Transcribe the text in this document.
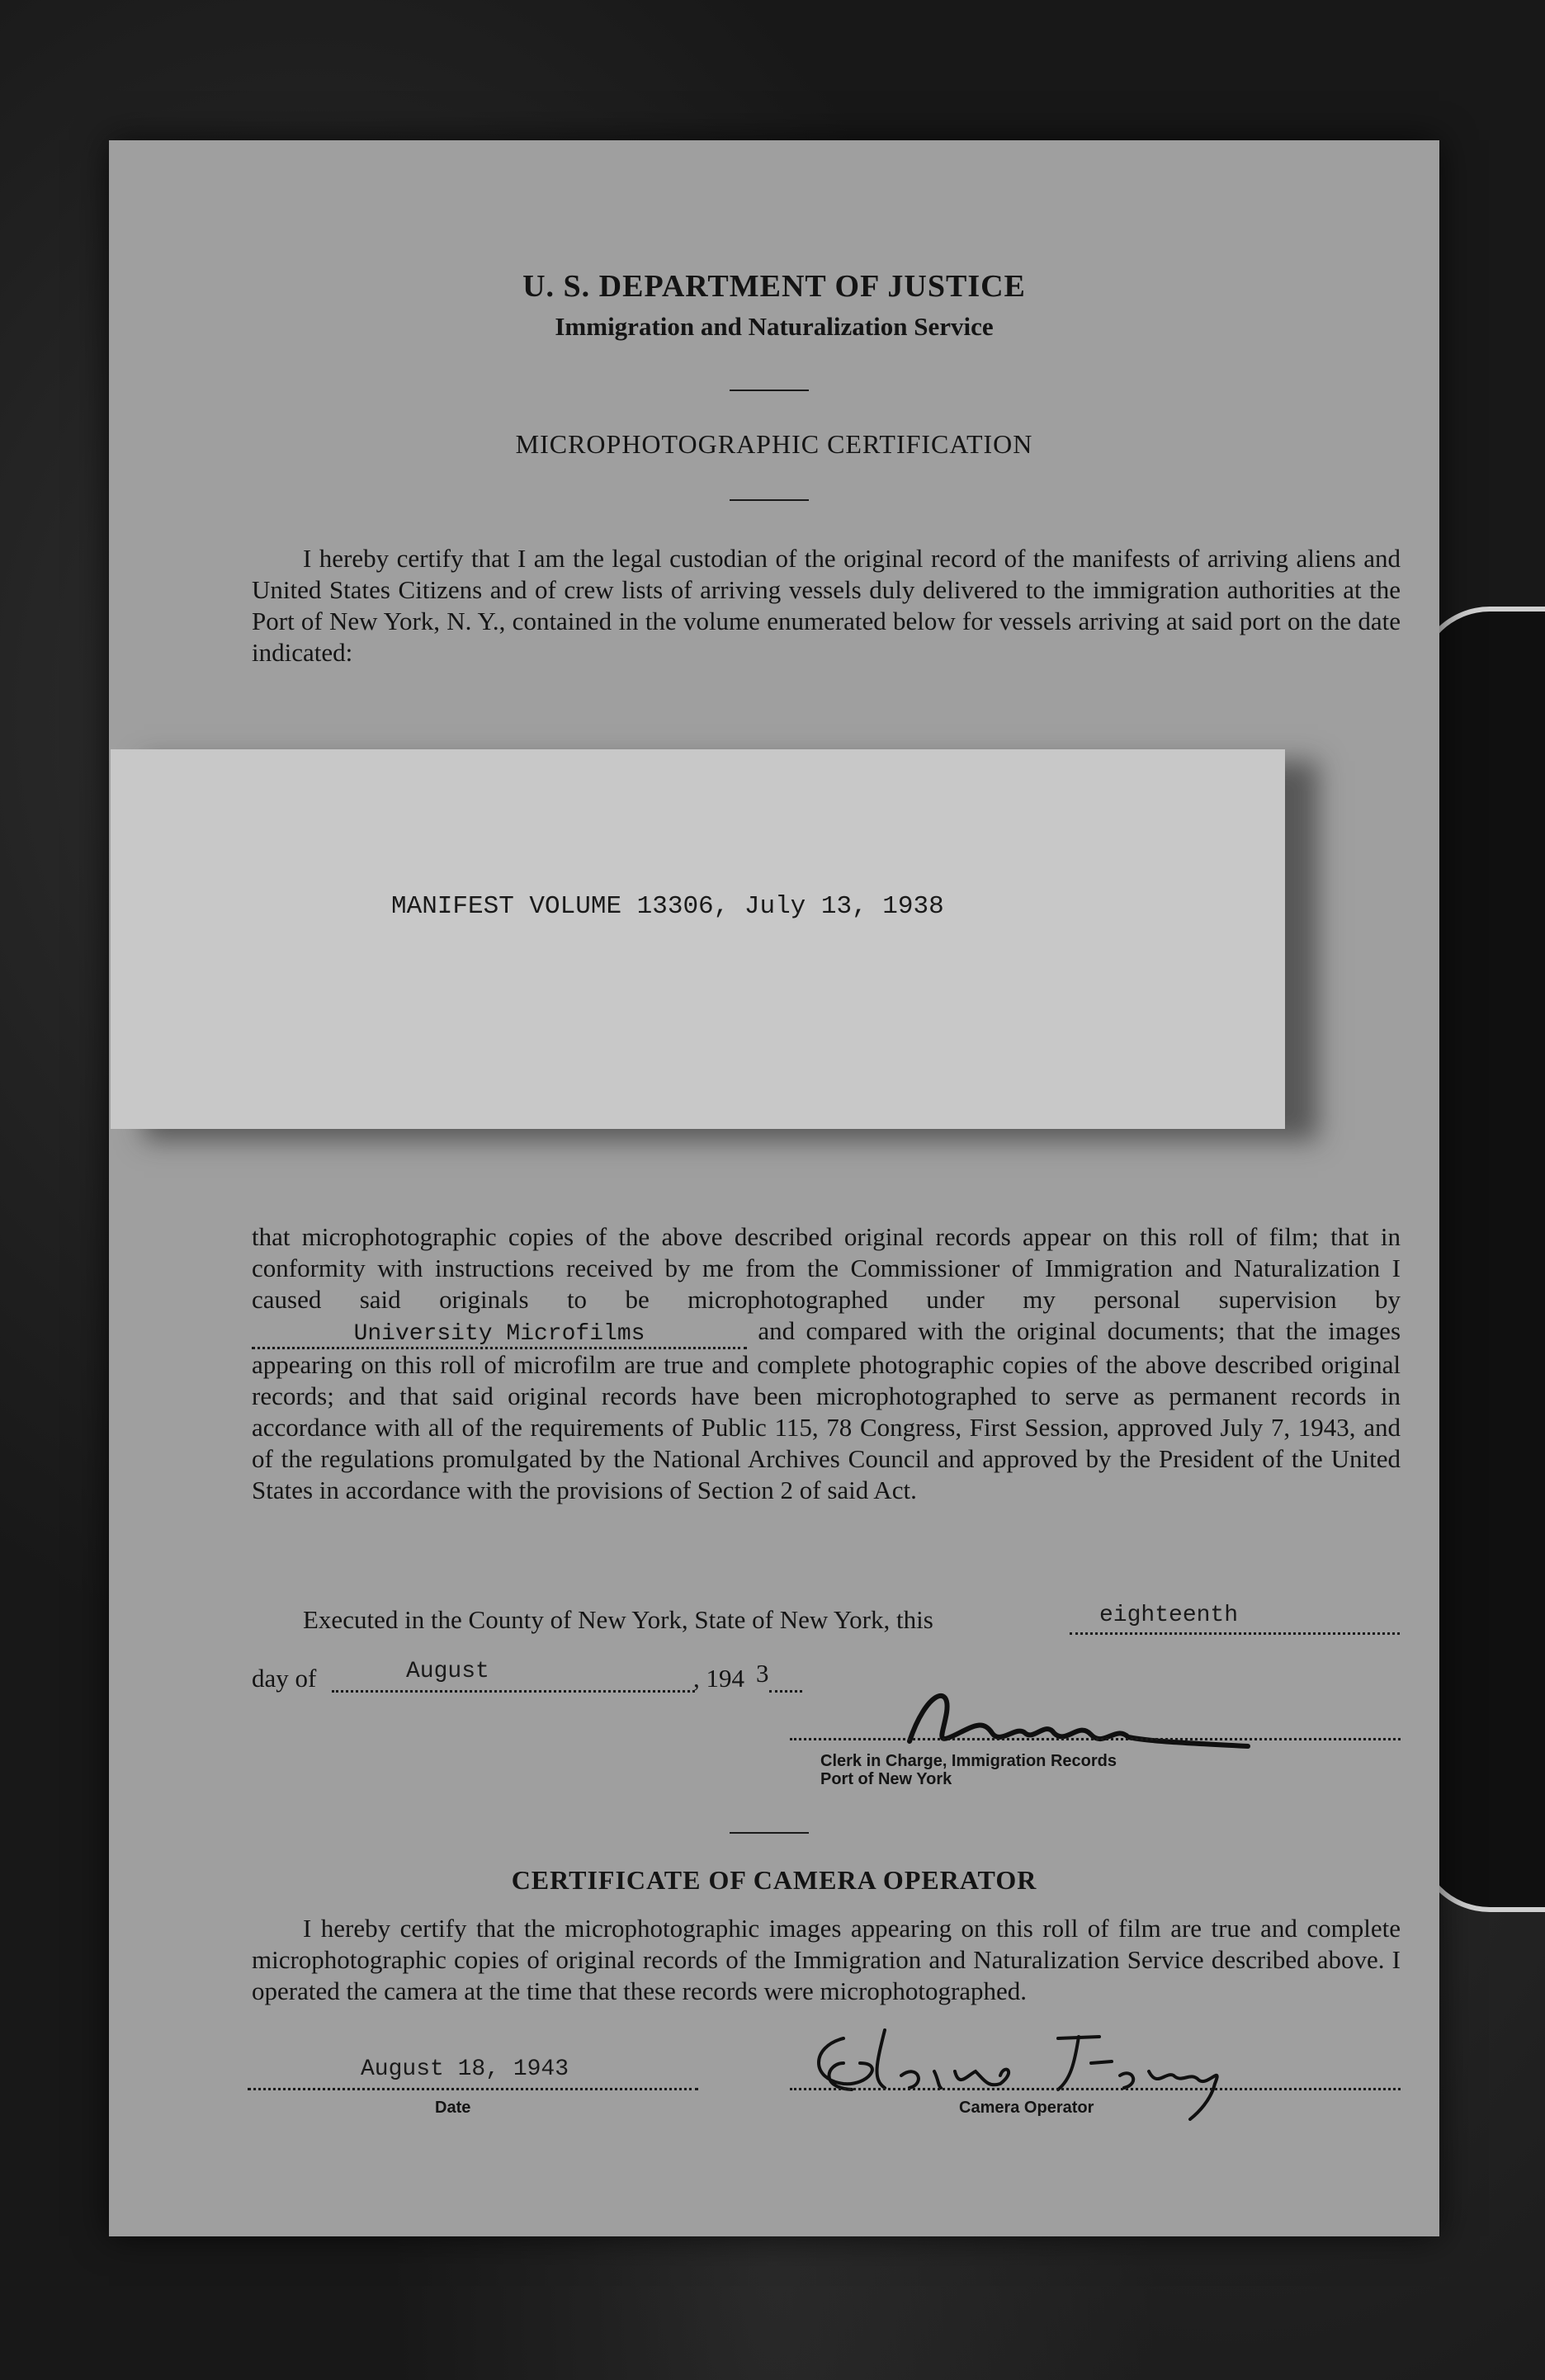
U. S. DEPARTMENT OF JUSTICE
Immigration and Naturalization Service
MICROPHOTOGRAPHIC CERTIFICATION
I hereby certify that I am the legal custodian of the original record of the manifests of arriving aliens and United States Citizens and of crew lists of arriving vessels duly delivered to the immigration authorities at the Port of New York, N. Y., contained in the volume enumerated below for vessels arriving at said port on the date indicated:
MANIFEST VOLUME 13306, July 13, 1938
that microphotographic copies of the above described original records appear on this roll of film; that in conformity with instructions received by me from the Commissioner of Immigration and Naturalization I caused said originals to be microphotographed under my personal supervision byUniversity Microfilms	and compared with the original documents; that the images appearing on this roll of microfilm are true and complete photographic copies of the above described original records; and that said original records have been microphotographed to serve as permanent records in accordance with all of the requirements of Public 115, 78 Congress, First Session, approved July 7, 1943, and of the regulations promulgated by the National Archives Council and approved by the President of the United States in accordance with the provisions of Section 2 of said Act.
Executed in the County of New York, State of New York, this	eighteenth
day of	August	, 194 3
Clerk in Charge, Immigration Records
Port of New York
CERTIFICATE OF CAMERA OPERATOR
I hereby certify that the microphotographic images appearing on this roll of film are true and complete microphotographic copies of original records of the Immigration and Naturalization Service described above. I operated the camera at the time that these records were microphotographed.
August 18, 1943
Date	Camera Operator
